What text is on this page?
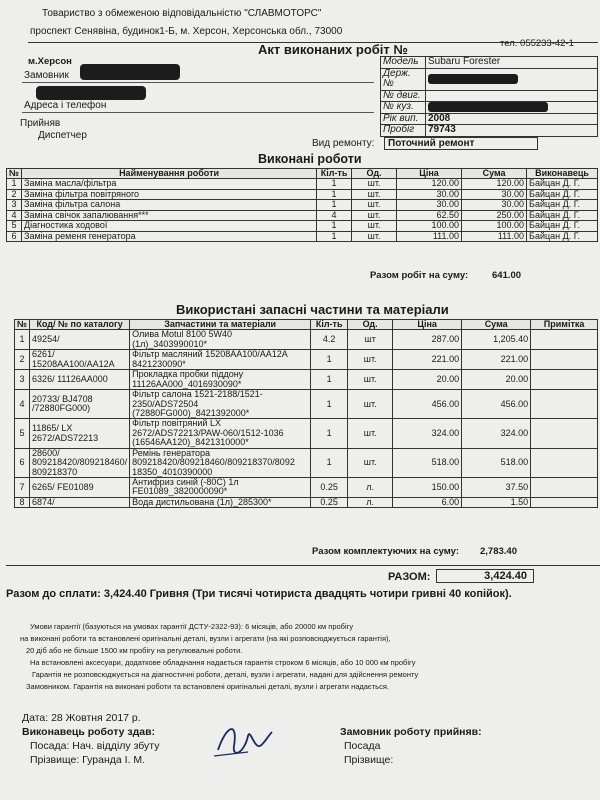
Товариство з обмеженою відповідальністю "СЛАВМОТОРС"
проспект Сенявіна, будинок1-Б, м. Херсон, Херсонська обл., 73000
тел. 055233-42-1
Акт виконаних робіт №
м.Херсон
Замовник
Адреса і телефон
Прийняв
Диспетчер
Модель	Subaru Forester
Держ. №	

№ двиг.	
№ куз.	

Рік вип.	2008
Пробіг	79743
Вид ремонту:	Поточний ремонт
Виконані роботи
№	Найменування роботи	Кіл-ть	Од.	Ціна	Сума	Виконавець
1	Заміна масла/фільтра	1	шт.	120.00	120.00	Байцан Д. Г.
2	Заміна фільтра повітряного	1	шт.	30.00	30.00	Байцан Д. Г.
3	Заміна фільтра салона	1	шт.	30.00	30.00	Байцан Д. Г.
4	Заміна свічок запалювання***	4	шт.	62.50	250.00	Байцан Д. Г.
5	Діагностика ходової	1	шт.	100.00	100.00	Байцан Д. Г.
6	Заміна ременя генератора	1	шт.	111.00	111.00	Байцан Д. Г.
Разом робіт на суму:	641.00
Використані запасні частини та матеріали
№	Код/ № по каталогу	Запчастини та матеріали	Кіл-ть	Од.	Ціна	Сума	Примітка
1	49254/	Олива Motul 8100 5W40 (1л)_3403990010*	4.2	шт	287.00	1,205.40	
2	6261/ 15208AA100/AA12A	Фільтр масляний 15208AA100/AA12A 8421230090*	1	шт.	221.00	221.00	
3	6326/ 11126AA000	Прокладка пробки піддону 11126AA000_4016930090*	1	шт.	20.00	20.00	
4	20733/ BJ4708 /72880FG000)	Фільтр салона 1521-2188/1521-2350/ADS72504 (72880FG000)_8421392000*	1	шт.	456.00	456.00	
5	11865/ LX 2672/ADS72213	Фільтр повітряний LX 2672/ADS72213/PAW-060/1512-1036 (16546AA120)_8421310000*	1	шт.	324.00	324.00	
6	28600/ 809218420/809218460/ 809218370	Ремінь генератора 809218420/809218460/809218370/8092 18350_4010390000	1	шт.	518.00	518.00	
7	6265/ FE01089	Антифриз синій (-80С) 1л FE01089_3820000090*	0.25	л.	150.00	37.50	
8	6874/	Вода дистильована (1л)_285300*	0.25	л.	6.00	1.50	
Разом комплектуючих на суму: 2,783.40
РАЗОМ:	3,424.40
Разом до сплати: 3,424.40 Гривня (Три тисячі чотириста двадцять чотири гривні 40 копійок).
Умови гарантії (базуються на умовах гарантії ДСТУ-2322-93): 6 місяців, або 20000 км пробігу
на виконані роботи та встановлені оригінальні деталі, вузли і агрегати (на які розповсюджується гарантія),
20 діб або не більше 1500 км пробігу на регулювальні роботи.
На встановлені аксесуари, додаткове обладнання надається гарантія строком 6 місяців, або 10 000 км пробігу
Гарантія не розповсюджується на діагностичні роботи, деталі, вузли і агрегати, надані для здійснення ремонту
Замовником. Гарантія на виконані роботи та встановлені оригінальні деталі, вузли і агрегати надається.
Дата: 28 Жовтня 2017 р.
Виконавець роботу здав:
Посада: Нач. відділу збуту
Прізвище: Гуранда І. М.
Замовник роботу прийняв:
Посада
Прізвище:
